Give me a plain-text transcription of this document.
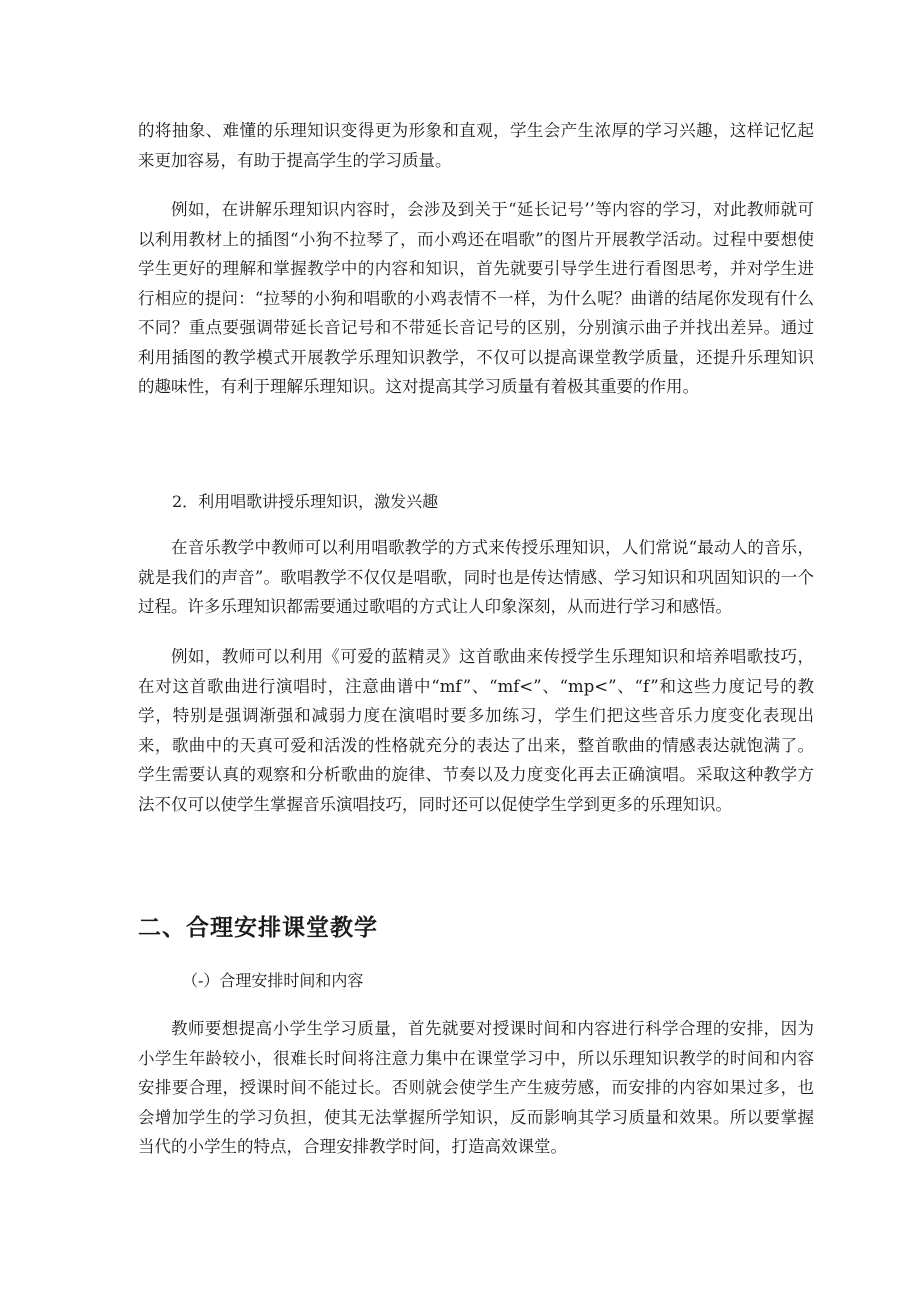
的将抽象、难懂的乐理知识变得更为形象和直观，学生会产生浓厚的学习兴趣，这样记忆起来更加容易，有助于提高学生的学习质量。

例如，在讲解乐理知识内容时，会涉及到关于“延长记号’’等内容的学习，对此教师就可以利用教材上的插图“小狗不拉琴了，而小鸡还在唱歌”的图片开展教学活动。过程中要想使学生更好的理解和掌握教学中的内容和知识，首先就要引导学生进行看图思考，并对学生进行相应的提问：“拉琴的小狗和唱歌的小鸡表情不一样，为什么呢？曲谱的结尾你发现有什么不同？重点要强调带延长音记号和不带延长音记号的区别，分别演示曲子并找出差异。通过利用插图的教学模式开展教学乐理知识教学，不仅可以提高课堂教学质量，还提升乐理知识的趣味性，有利于理解乐理知识。这对提高其学习质量有着极其重要的作用。

2．利用唱歌讲授乐理知识，激发兴趣

在音乐教学中教师可以利用唱歌教学的方式来传授乐理知识，人们常说“最动人的音乐，就是我们的声音”。歌唱教学不仅仅是唱歌，同时也是传达情感、学习知识和巩固知识的一个过程。许多乐理知识都需要通过歌唱的方式让人印象深刻，从而进行学习和感悟。

例如，教师可以利用《可爱的蓝精灵》这首歌曲来传授学生乐理知识和培养唱歌技巧，在对这首歌曲进行演唱时，注意曲谱中“mf”、“mf<”、“mp<”、“f”和这些力度记号的教学，特别是强调渐强和减弱力度在演唱时要多加练习，学生们把这些音乐力度变化表现出来，歌曲中的天真可爱和活泼的性格就充分的表达了出来，整首歌曲的情感表达就饱满了。学生需要认真的观察和分析歌曲的旋律、节奏以及力度变化再去正确演唱。采取这种教学方法不仅可以使学生掌握音乐演唱技巧，同时还可以促使学生学到更多的乐理知识。

二、合理安排课堂教学

（-）合理安排时间和内容

教师要想提高小学生学习质量，首先就要对授课时间和内容进行科学合理的安排，因为小学生年龄较小，很难长时间将注意力集中在课堂学习中，所以乐理知识教学的时间和内容安排要合理，授课时间不能过长。否则就会使学生产生疲劳感，而安排的内容如果过多，也会增加学生的学习负担，使其无法掌握所学知识，反而影响其学习质量和效果。所以要掌握当代的小学生的特点，合理安排教学时间，打造高效课堂。
